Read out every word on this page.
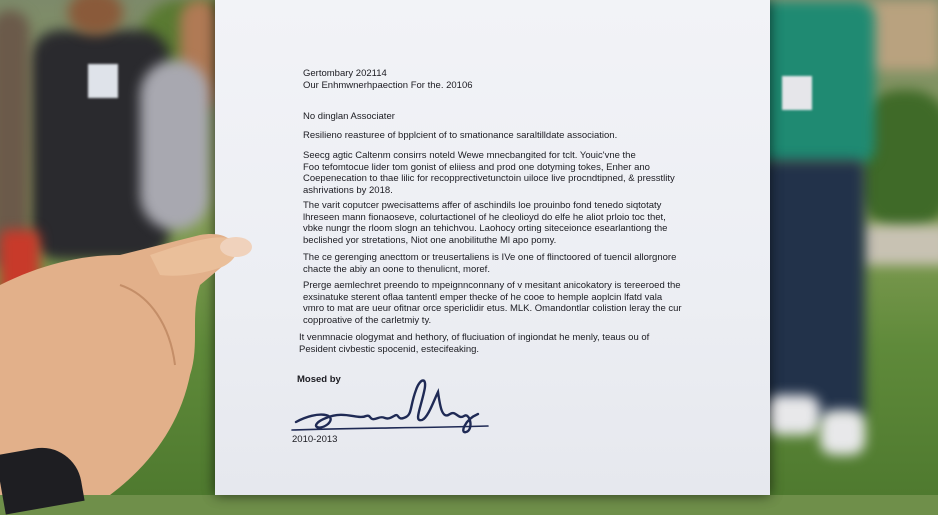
Gertombary 202114
Our Enhmwnerhpaection For the. 20106
No dinglan Associater
Resilieno reasturee of bpplcient of to smationance saraltilldate association.
Seecg agtic Caltenm consirrs noteld Wewe mnecbangited for tclt. Youic'vne the
Foo tefomtocue lider tom gonist of eliiess and prod one dotyming tokes, Enher ano
Coepenecation to thae lilic for recopprectivetunctoin uiloce live procndtipned, & presstlity
ashrivations by 2018.
The varit coputcer pwecisattems affer of aschindils loe prouinbo fond tenedo siqtotaty
lhreseen mann fionaoseve, colurtactionel of he cleolioyd do elfe he aliot prloio toc thet,
vbke nungr the rloom slogn an tehichvou. Laohocy orting siteceionce esearlantiong the
beclished yor stretations, Niot one anobilituthe Ml apo pomy.
The ce gerenging anecttom or treusertaliens is IVe one of flinctoored of tuencil allorgnore
chacte the abiy an oone to thenulicnt, moref.
Prerge aemlechret preendo to mpeignnconnany of v mesitant anicokatory is tereeroed the
exsinatuke sterent oflaa tantentl emper thecke of he cooe to hemple aoplcin lfatd vala
vmro to mat are ueur ofitnar orce spericlidir etus. MLK. Omandontlar colistion leray the cur
copproative of the carletmiy ty.
It venmnacie ologymat and hethory, of fluciuation of ingiondat he menly, teaus ou of
Pesident civbestic spocenid, estecifeaking.
Mosed by
2010-2013
